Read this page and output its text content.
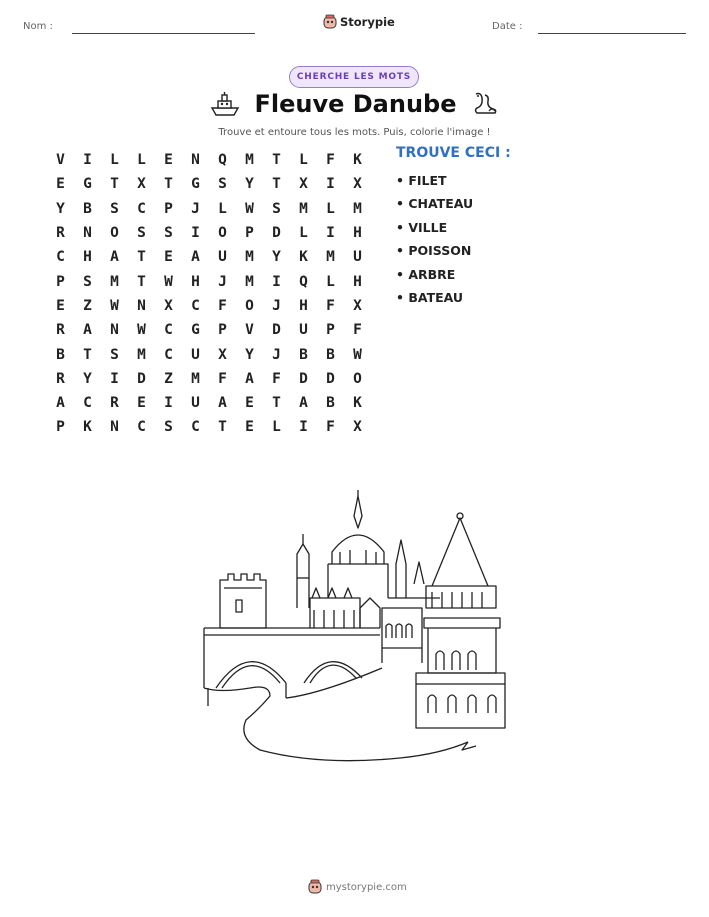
Nom :	Storypie	Date :
CHERCHE LES MOTS
Fleuve Danube
Trouve et entoure tous les mots. Puis, colorie l'image !
V	I	L	L	E	N	Q	M	T	L	F	K
E	G	T	X	T	G	S	Y	T	X	I	X
Y	B	S	C	P	J	L	W	S	M	L	M
R	N	O	S	S	I	O	P	D	L	I	H
C	H	A	T	E	A	U	M	Y	K	M	U
P	S	M	T	W	H	J	M	I	Q	L	H
E	Z	W	N	X	C	F	O	J	H	F	X
R	A	N	W	C	G	P	V	D	U	P	F
B	T	S	M	C	U	X	Y	J	B	B	W
R	Y	I	D	Z	M	F	A	F	D	D	O
A	C	R	E	I	U	A	E	T	A	B	K
P	K	N	C	S	C	T	E	L	I	F	X
TROUVE CECI :
• FILET
• CHATEAU
• VILLE
• POISSON
• ARBRE
• BATEAU
mystorypie.com
